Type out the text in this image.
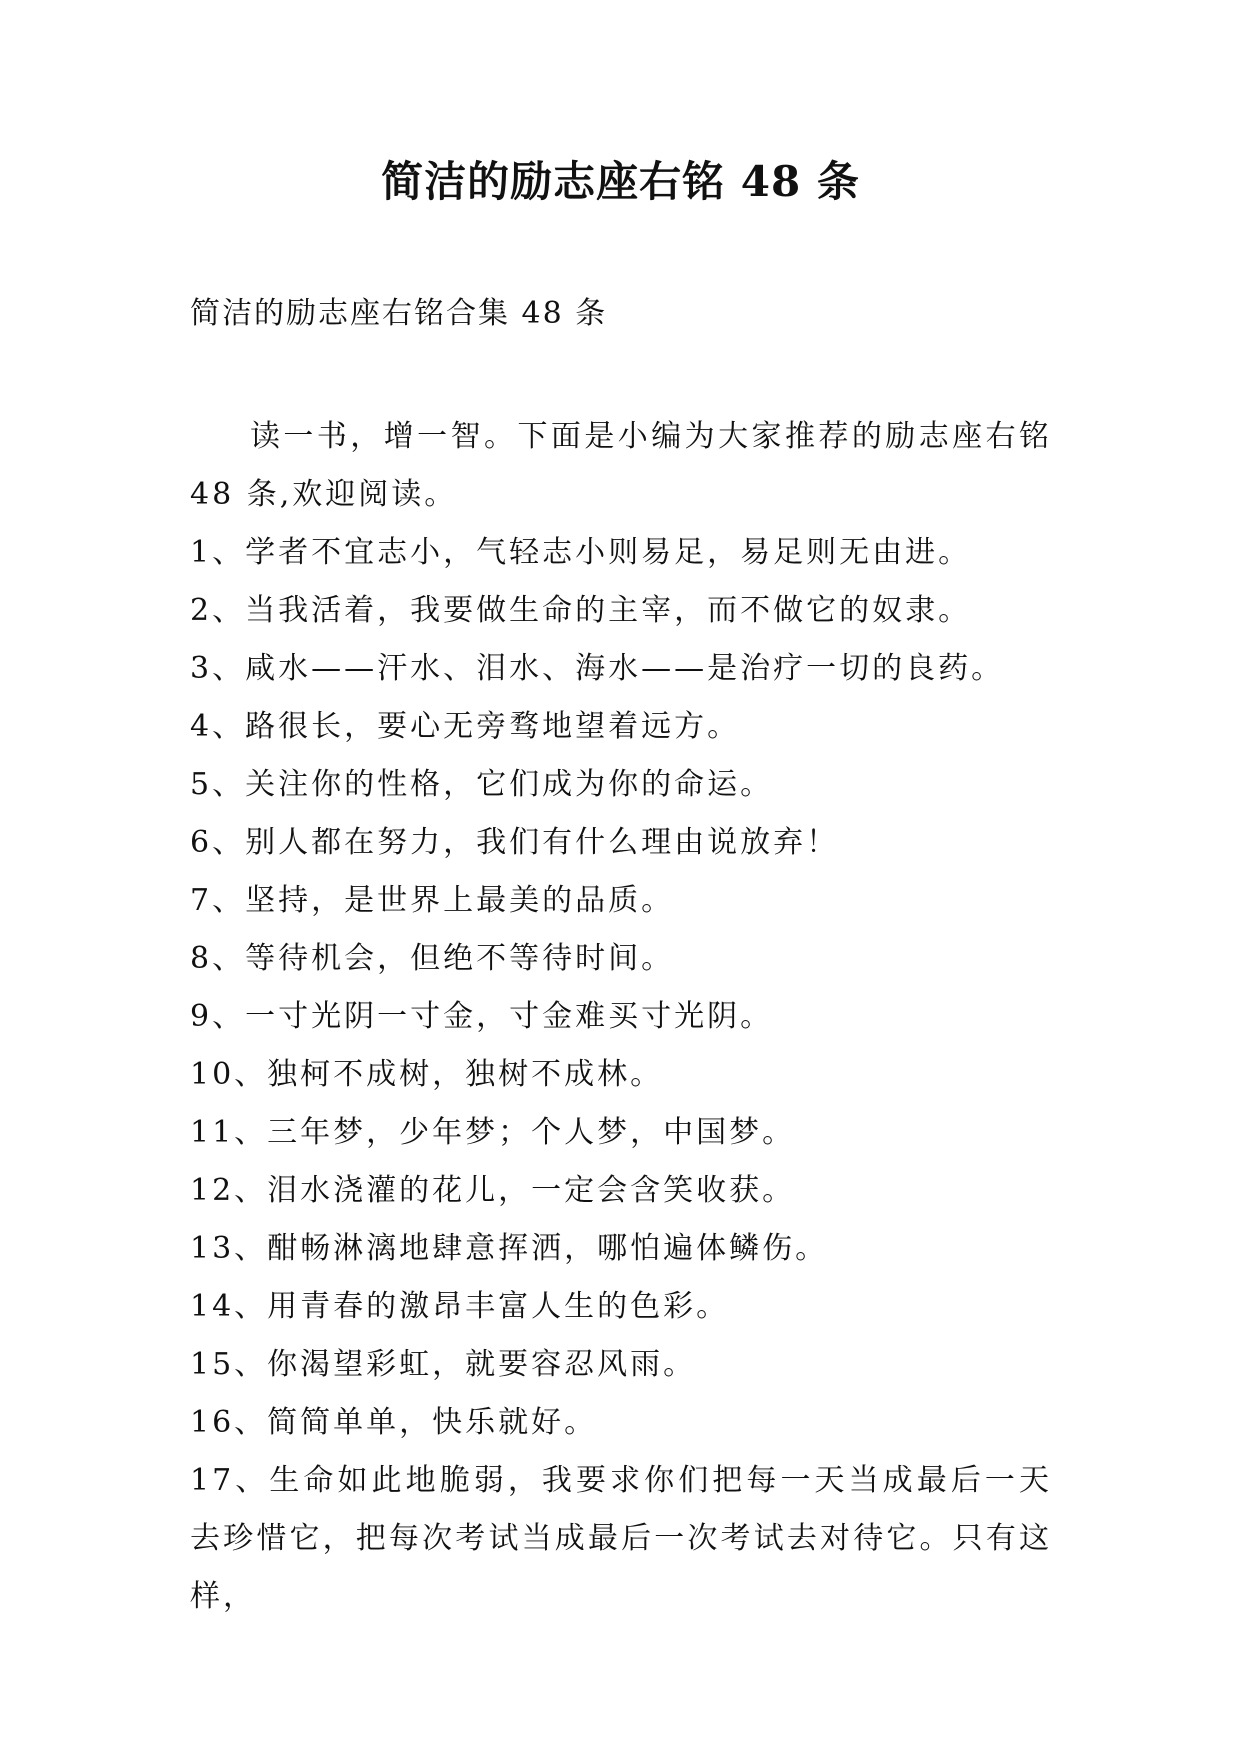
简洁的励志座右铭 48 条
简洁的励志座右铭合集 48 条

读一书，增一智。下面是小编为大家推荐的励志座右铭 48 条,欢迎阅读。

1、学者不宜志小，气轻志小则易足，易足则无由进。

2、当我活着，我要做生命的主宰，而不做它的奴隶。

3、咸水——汗水、泪水、海水——是治疗一切的良药。

4、路很长，要心无旁骛地望着远方。

5、关注你的性格，它们成为你的命运。

6、别人都在努力，我们有什么理由说放弃！

7、坚持，是世界上最美的品质。

8、等待机会，但绝不等待时间。

9、一寸光阴一寸金，寸金难买寸光阴。

10、独柯不成树，独树不成林。

11、三年梦，少年梦；个人梦，中国梦。

12、泪水浇灌的花儿，一定会含笑收获。

13、酣畅淋漓地肆意挥洒，哪怕遍体鳞伤。

14、用青春的激昂丰富人生的色彩。

15、你渴望彩虹，就要容忍风雨。

16、简简单单，快乐就好。

17、生命如此地脆弱，我要求你们把每一天当成最后一天去珍惜它，把每次考试当成最后一次考试去对待它。只有这样，
